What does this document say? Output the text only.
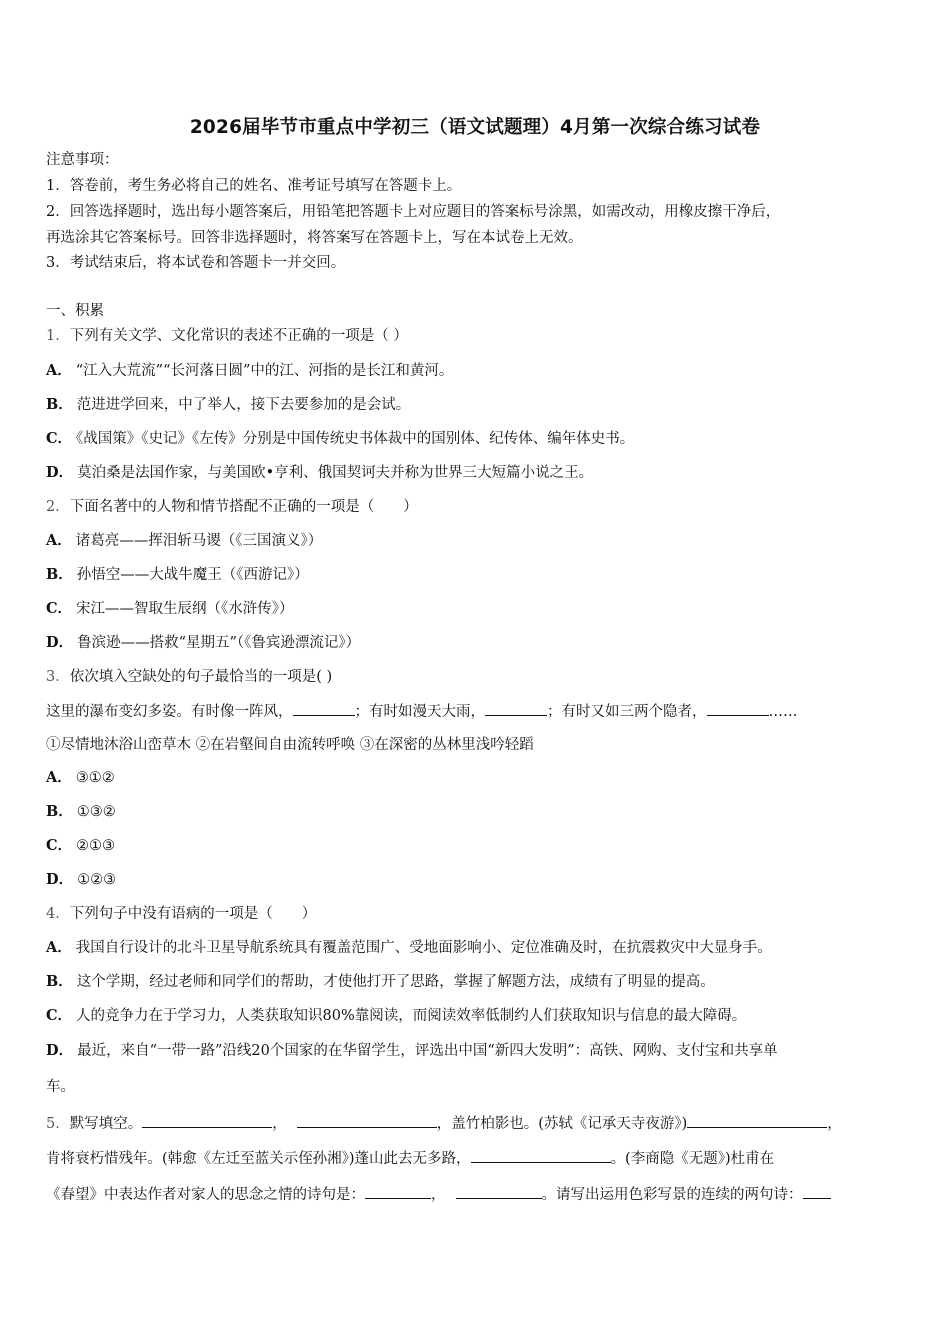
2026届毕节市重点中学初三（语文试题理）4月第一次综合练习试卷
注意事项：
1．答卷前，考生务必将自己的姓名、准考证号填写在答题卡上。
2．回答选择题时，选出每小题答案后，用铅笔把答题卡上对应题目的答案标号涂黑，如需改动，用橡皮擦干净后，
再选涂其它答案标号。回答非选择题时，将答案写在答题卡上，写在本试卷上无效。
3．考试结束后，将本试卷和答题卡一并交回。
一、积累
1．下列有关文学、文化常识的表述不正确的一项是（ ）
A． “江入大荒流”“长河落日圆”中的江、河指的是长江和黄河。
B． 范进进学回来，中了举人，接下去要参加的是会试。
C． 《战国策》《史记》《左传》分别是中国传统史书体裁中的国别体、纪传体、编年体史书。
D． 莫泊桑是法国作家，与美国欧•亨利、俄国契诃夫并称为世界三大短篇小说之王。
2．下面名著中的人物和情节搭配不正确的一项是（　　）
A． 诸葛亮——挥泪斩马谡（《三国演义》）
B． 孙悟空——大战牛魔王（《西游记》）
C． 宋江——智取生辰纲（《水浒传》）
D． 鲁滨逊——搭救“星期五”（《鲁宾逊漂流记》）
3．依次填入空缺处的句子最恰当的一项是( )
这里的瀑布变幻多姿。有时像一阵风，	；有时如漫天大雨，	；有时又如三两个隐者，	……
①尽情地沐浴山峦草木 ②在岩壑间自由流转呼唤 ③在深密的丛林里浅吟轻蹈
A． ③①②
B． ①③②
C． ②①③
D． ①②③
4．下列句子中没有语病的一项是（　　）
A． 我国自行设计的北斗卫星导航系统具有覆盖范围广、受地面影响小、定位准确及时，在抗震救灾中大显身手。
B． 这个学期，经过老师和同学们的帮助，才使他打开了思路，掌握了解题方法，成绩有了明显的提高。
C． 人的竞争力在于学习力，人类获取知识80%靠阅读，而阅读效率低制约人们获取知识与信息的最大障碍。
D． 最近，来自“一带一路”沿线20个国家的在华留学生，评选出中国“新四大发明”：高铁、网购、支付宝和共享单
车。
5．默写填空。	，	，盖竹柏影也。(苏轼《记承天寺夜游》)	，
肯将衰朽惜残年。(韩愈《左迁至蓝关示侄孙湘》)蓬山此去无多路，	。(李商隐《无题》)杜甫在
《春望》中表达作者对家人的思念之情的诗句是：	，	。请写出运用色彩写景的连续的两句诗：
